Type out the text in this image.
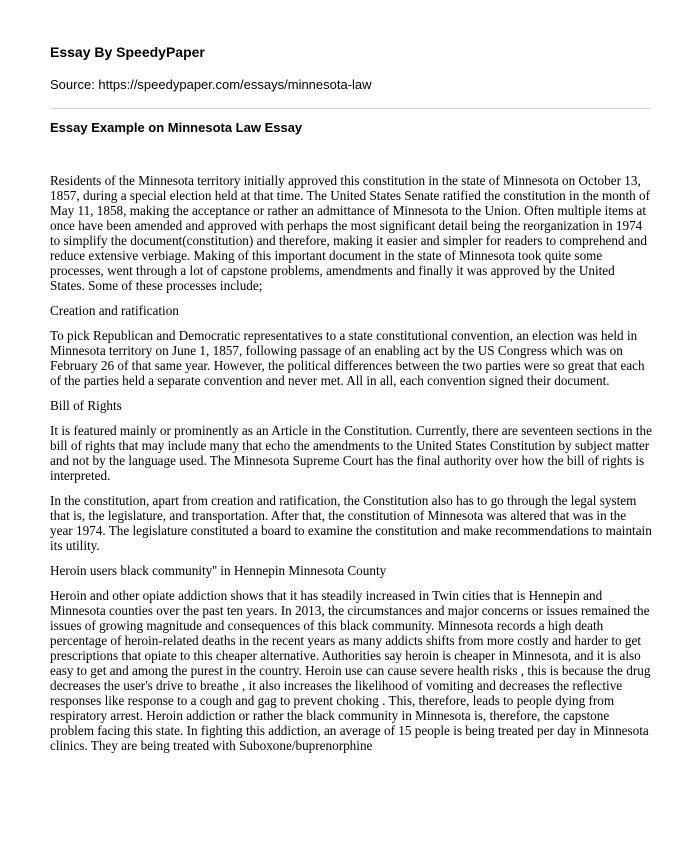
Essay By SpeedyPaper

Source: https://speedypaper.com/essays/minnesota-law

Essay Example on Minnesota Law Essay

Residents of the Minnesota territory initially approved this constitution in the state of Minnesota on October 13, 1857, during a special election held at that time. The United States Senate ratified the constitution in the month of May 11, 1858, making the acceptance or rather an admittance of Minnesota to the Union. Often multiple items at once have been amended and approved with perhaps the most significant detail being the reorganization in 1974 to simplify the document(constitution) and therefore, making it easier and simpler for readers to comprehend and reduce extensive verbiage. Making of this important document in the state of Minnesota took quite some processes, went through a lot of capstone problems, amendments and finally it was approved by the United States. Some of these processes include;

Creation and ratification

To pick Republican and Democratic representatives to a state constitutional convention, an election was held in Minnesota territory on June 1, 1857, following passage of an enabling act by the US Congress which was on February 26 of that same year. However, the political differences between the two parties were so great that each of the parties held a separate convention and never met. All in all, each convention signed their document.

Bill of Rights

It is featured mainly or prominently as an Article in the Constitution. Currently, there are seventeen sections in the bill of rights that may include many that echo the amendments to the United States Constitution by subject matter and not by the language used. The Minnesota Supreme Court has the final authority over how the bill of rights is interpreted.

In the constitution, apart from creation and ratification, the Constitution also has to go through the legal system that is, the legislature, and transportation. After that, the constitution of Minnesota was altered that was in the year 1974. The legislature constituted a board to examine the constitution and make recommendations to maintain its utility.

Heroin users black community'' in Hennepin Minnesota County

Heroin and other opiate addiction shows that it has steadily increased in Twin cities that is Hennepin and Minnesota counties over the past ten years. In 2013, the circumstances and major concerns or issues remained the issues of growing magnitude and consequences of this black community. Minnesota records a high death percentage of heroin-related deaths in the recent years as many addicts shifts from more costly and harder to get prescriptions that opiate to this cheaper alternative. Authorities say heroin is cheaper in Minnesota, and it is also easy to get and among the purest in the country. Heroin use can cause severe health risks , this is because the drug decreases the user's drive to breathe , it also increases the likelihood of vomiting and decreases the reflective responses like response to a cough and gag to prevent choking . This, therefore, leads to people dying from respiratory arrest. Heroin addiction or rather the black community in Minnesota is, therefore, the capstone problem facing this state. In fighting this addiction, an average of 15 people is being treated per day in Minnesota clinics. They are being treated with Suboxone/buprenorphine
